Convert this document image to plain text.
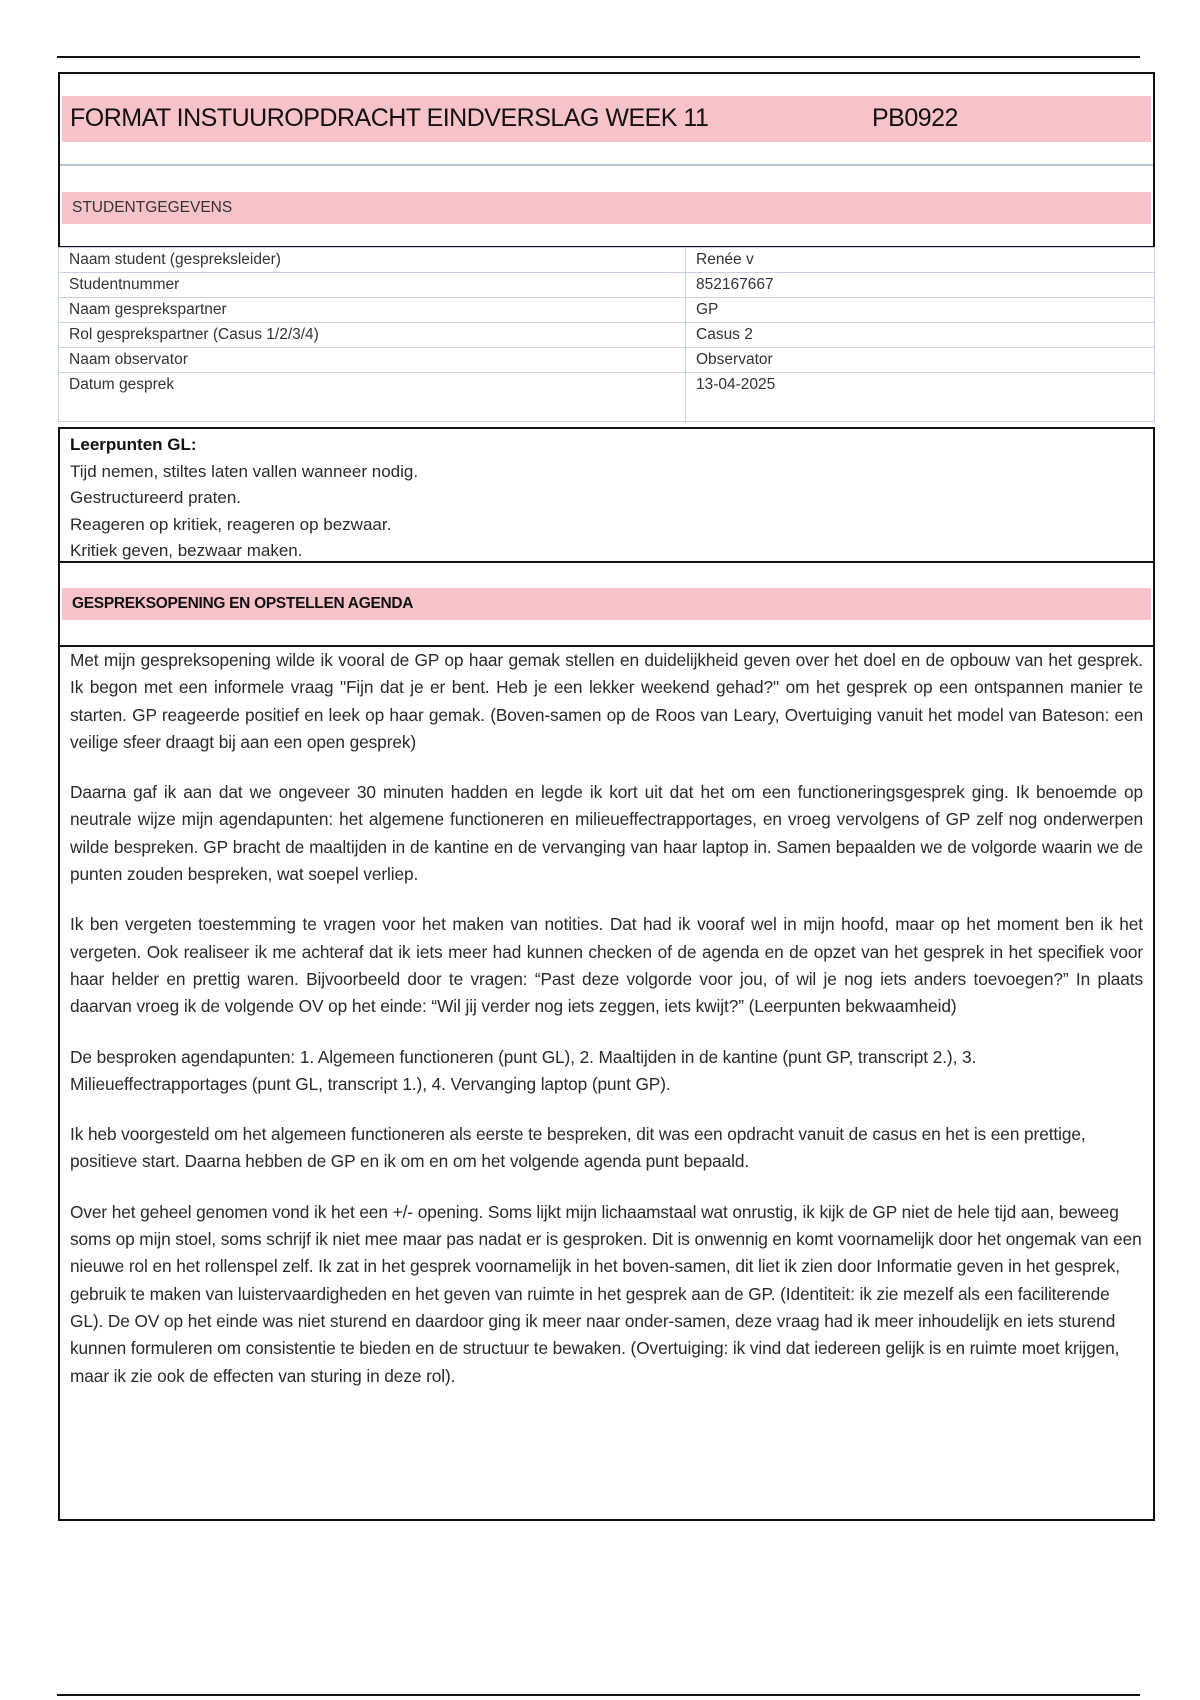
FORMAT INSTUUROPDRACHT EINDVERSLAG WEEK 11	PB0922
STUDENTGEGEVENS
Naam student (gespreksleider)	Renée v
Studentnummer	852167667
Naam gesprekspartner	GP
Rol gesprekspartner (Casus 1/2/3/4)	Casus 2
Naam observator	Observator
Datum gesprek	13-04-2025
Leerpunten GL:
Tijd nemen, stiltes laten vallen wanneer nodig.
Gestructureerd praten.
Reageren op kritiek, reageren op bezwaar.
Kritiek geven, bezwaar maken.
GESPREKSOPENING EN OPSTELLEN AGENDA

Met mijn gespreksopening wilde ik vooral de GP op haar gemak stellen en duidelijkheid geven over het doel en de opbouw van het gesprek. Ik begon met een informele vraag "Fijn dat je er bent. Heb je een lekker weekend gehad?" om het gesprek op een ontspannen manier te starten. GP reageerde positief en leek op haar gemak. (Boven-samen op de Roos van Leary, Overtuiging vanuit het model van Bateson: een veilige sfeer draagt bij aan een open gesprek)

Daarna gaf ik aan dat we ongeveer 30 minuten hadden en legde ik kort uit dat het om een functioneringsgesprek ging. Ik benoemde op neutrale wijze mijn agendapunten: het algemene functioneren en milieueffectrapportages, en vroeg vervolgens of GP zelf nog onderwerpen wilde bespreken. GP bracht de maaltijden in de kantine en de vervanging van haar laptop in. Samen bepaalden we de volgorde waarin we de punten zouden bespreken, wat soepel verliep.

Ik ben vergeten toestemming te vragen voor het maken van notities. Dat had ik vooraf wel in mijn hoofd, maar op het moment ben ik het vergeten. Ook realiseer ik me achteraf dat ik iets meer had kunnen checken of de agenda en de opzet van het gesprek in het specifiek voor haar helder en prettig waren. Bijvoorbeeld door te vragen: “Past deze volgorde voor jou, of wil je nog iets anders toevoegen?” In plaats daarvan vroeg ik de volgende OV op het einde: “Wil jij verder nog iets zeggen, iets kwijt?” (Leerpunten bekwaamheid)

De besproken agendapunten: 1. Algemeen functioneren (punt GL), 2. Maaltijden in de kantine (punt GP, transcript 2.), 3. Milieueffectrapportages (punt GL, transcript 1.), 4. Vervanging laptop (punt GP).

Ik heb voorgesteld om het algemeen functioneren als eerste te bespreken, dit was een opdracht vanuit de casus en het is een prettige, positieve start. Daarna hebben de GP en ik om en om het volgende agenda punt bepaald.

Over het geheel genomen vond ik het een +/- opening. Soms lijkt mijn lichaamstaal wat onrustig, ik kijk de GP niet de hele tijd aan, beweeg soms op mijn stoel, soms schrijf ik niet mee maar pas nadat er is gesproken. Dit is onwennig en komt voornamelijk door het ongemak van een nieuwe rol en het rollenspel zelf. Ik zat in het gesprek voornamelijk in het boven-samen, dit liet ik zien door Informatie geven in het gesprek, gebruik te maken van luistervaardigheden en het geven van ruimte in het gesprek aan de GP. (Identiteit: ik zie mezelf als een faciliterende GL). De OV op het einde was niet sturend en daardoor ging ik meer naar onder-samen, deze vraag had ik meer inhoudelijk en iets sturend kunnen formuleren om consistentie te bieden en de structuur te bewaken. (Overtuiging: ik vind dat iedereen gelijk is en ruimte moet krijgen, maar ik zie ook de effecten van sturing in deze rol).
